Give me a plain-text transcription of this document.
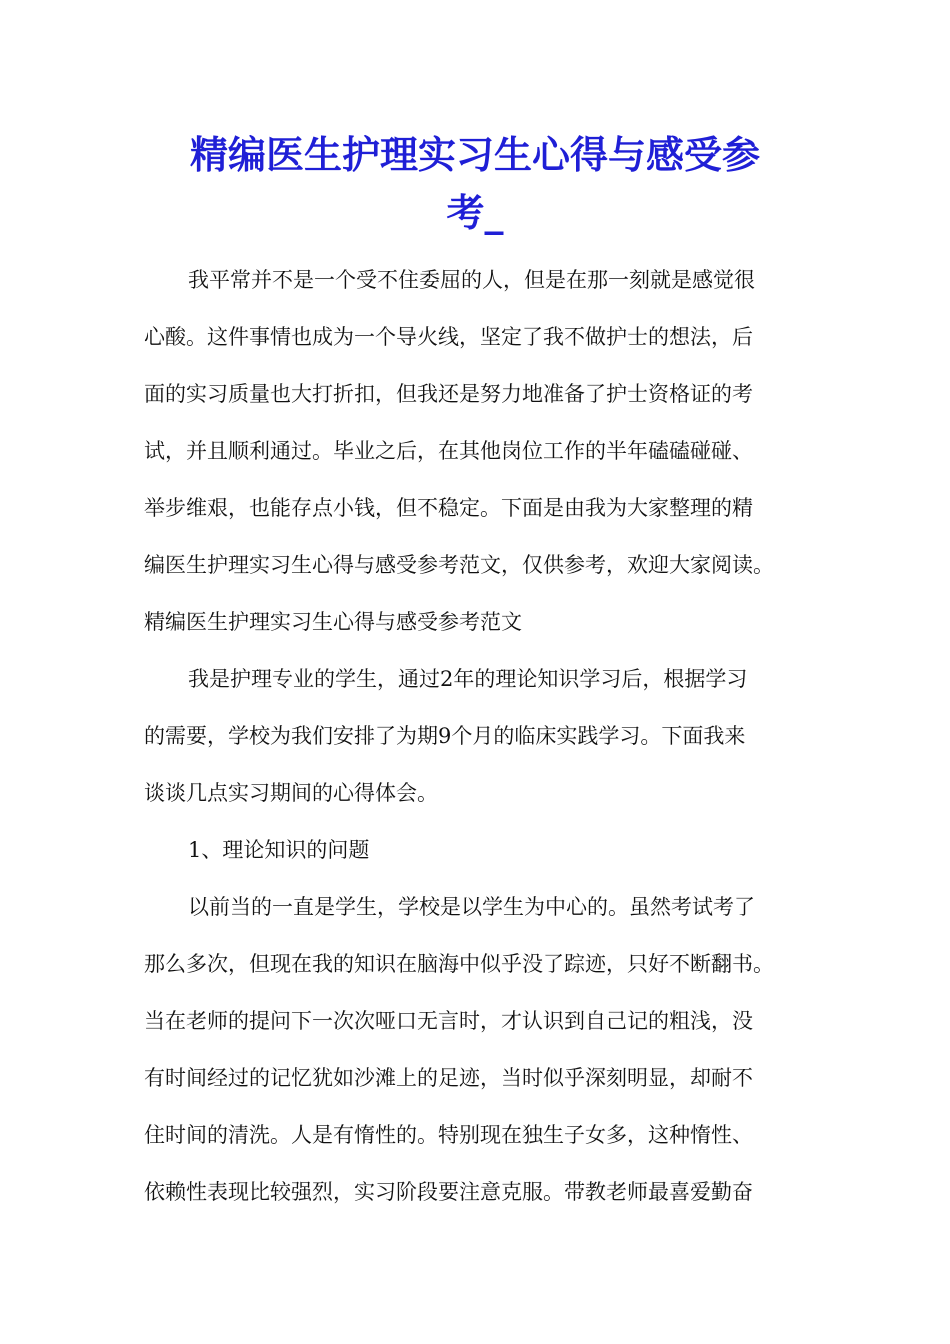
精编医生护理实习生心得与感受参
考_

我平常并不是一个受不住委屈的人，但是在那一刻就是感觉很

心酸。这件事情也成为一个导火线，坚定了我不做护士的想法，后

面的实习质量也大打折扣，但我还是努力地准备了护士资格证的考

试，并且顺利通过。毕业之后，在其他岗位工作的半年磕磕碰碰、

举步维艰，也能存点小钱，但不稳定。下面是由我为大家整理的精

编医生护理实习生心得与感受参考范文，仅供参考，欢迎大家阅读。

精编医生护理实习生心得与感受参考范文

我是护理专业的学生，通过2年的理论知识学习后，根据学习

的需要，学校为我们安排了为期9个月的临床实践学习。下面我来

谈谈几点实习期间的心得体会。

1、理论知识的问题

以前当的一直是学生，学校是以学生为中心的。虽然考试考了

那么多次，但现在我的知识在脑海中似乎没了踪迹，只好不断翻书。

当在老师的提问下一次次哑口无言时，才认识到自己记的粗浅，没

有时间经过的记忆犹如沙滩上的足迹，当时似乎深刻明显，却耐不

住时间的清洗。人是有惰性的。特别现在独生子女多，这种惰性、

依赖性表现比较强烈，实习阶段要注意克服。带教老师最喜爱勤奋
